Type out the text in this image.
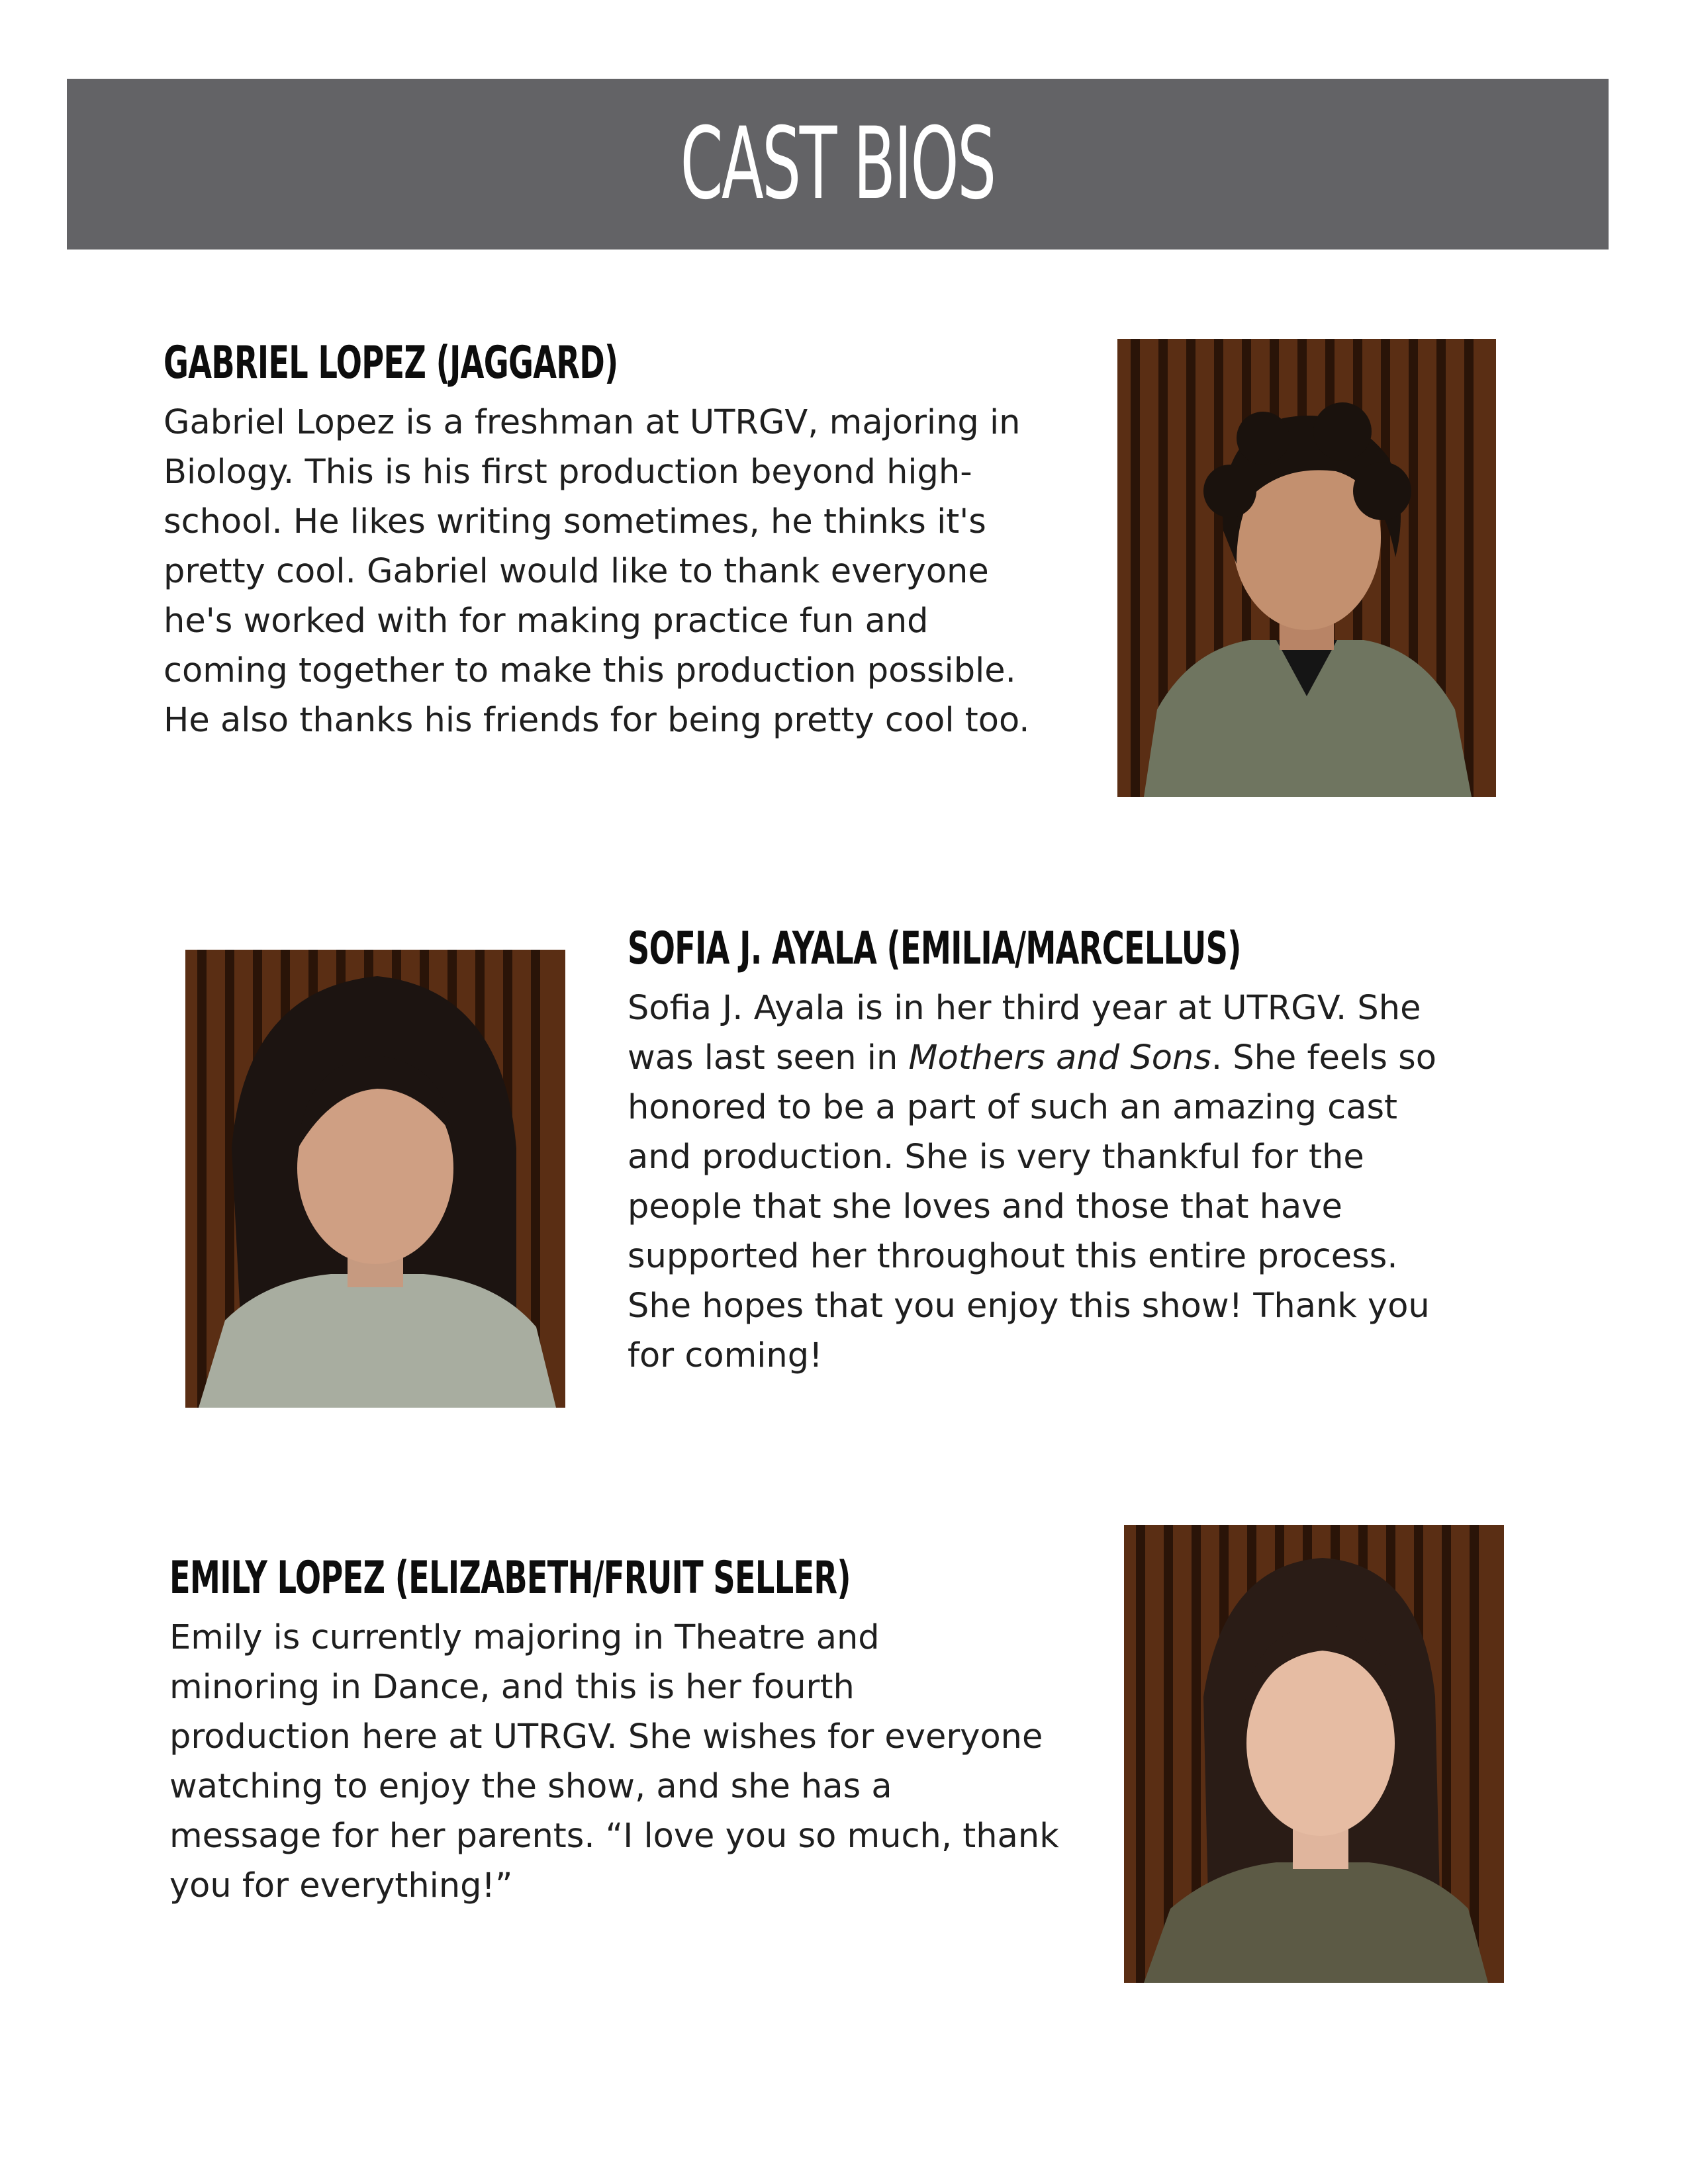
CAST BIOS
GABRIEL LOPEZ (JAGGARD)

Gabriel Lopez is a freshman at UTRGV, majoring in
Biology. This is his first production beyond high-
school. He likes writing sometimes, he thinks it's
pretty cool. Gabriel would like to thank everyone
he's worked with for making practice fun and
coming together to make this production possible.
He also thanks his friends for being pretty cool too.

SOFIA J. AYALA (EMILIA/MARCELLUS)

Sofia J. Ayala is in her third year at UTRGV. She
was last seen in Mothers and Sons. She feels so
honored to be a part of such an amazing cast
and production. She is very thankful for the
people that she loves and those that have
supported her throughout this entire process.
She hopes that you enjoy this show! Thank you
for coming!

EMILY LOPEZ (ELIZABETH/FRUIT SELLER)

Emily is currently majoring in Theatre and
minoring in Dance, and this is her fourth
production here at UTRGV. She wishes for everyone
watching to enjoy the show, and she has a
message for her parents. “I love you so much, thank
you for everything!”
